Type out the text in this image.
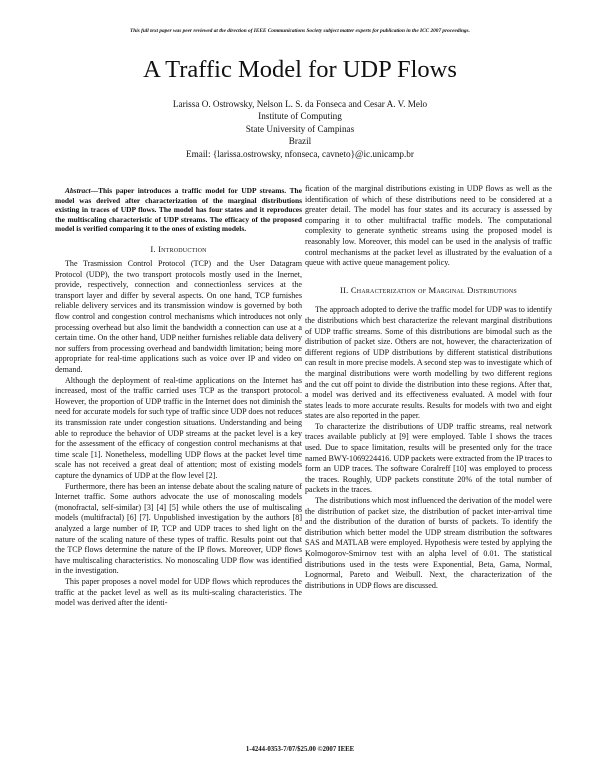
This full text paper was peer reviewed at the direction of IEEE Communications Society subject matter experts for publication in the ICC 2007 proceedings.
A Traffic Model for UDP Flows
Larissa O. Ostrowsky, Nelson L. S. da Fonseca and Cesar A. V. Melo
Institute of Computing
State University of Campinas
Brazil
Email: {larissa.ostrowsky, nfonseca, cavneto}@ic.unicamp.br

Abstract—This paper introduces a traffic model for UDP streams. The model was derived after characterization of the marginal distributions existing in traces of UDP flows. The model has four states and it reproduces the multiscaling characteristic of UDP streams. The efficacy of the proposed model is verified comparing it to the ones of existing models.

I. Introduction

The Trasmission Control Protocol (TCP) and the User Datagram Protocol (UDP), the two transport protocols mostly used in the Inernet, provide, respectively, connection and connectionless services at the transport layer and differ by several aspects. On one hand, TCP furnishes reliable delivery services and its transmission window is governed by both flow control and congestion control mechanisms which introduces not only processing overhead but also limit the bandwidth a connection can use at a certain time. On the other hand, UDP neither furnishes reliable data delivery nor suffers from processing overhead and bandwidth limitation; being more appropriate for real-time applications such as voice over IP and video on demand.

Although the deployment of real-time applications on the Internet has increased, most of the traffic carried uses TCP as the transport protocol. However, the proportion of UDP traffic in the Internet does not diminish the need for accurate models for such type of traffic since UDP does not reduces its transmission rate under congestion situations. Understanding and being able to reproduce the behavior of UDP streams at the packet level is a key for the assessment of the efficacy of congestion control mechanisms at that time scale [1]. Nonetheless, modelling UDP flows at the packet level time scale has not received a great deal of attention; most of existing models capture the dynamics of UDP at the flow level [2].

Furthermore, there has been an intense debate about the scaling nature of Internet traffic. Some authors advocate the use of monoscaling models (monofractal, self-similar) [3] [4] [5] while others the use of multiscaling models (multifractal) [6] [7]. Unpublished investigation by the authors [8] analyzed a large number of IP, TCP and UDP traces to shed light on the nature of the scaling nature of these types of traffic. Results point out that the TCP flows determine the nature of the IP flows. Moreover, UDP flows have multiscaling characteristics. No monoscaling UDP flow was identified in the investigation.

This paper proposes a novel model for UDP flows which reproduces the traffic at the packet level as well as its multi-scaling characteristics. The model was derived after the identi-

fication of the marginal distributions existing in UDP flows as well as the identification of which of these distributions need to be considered at a greater detail. The model has four states and its accuracy is assessed by comparing it to other multifractal traffic models. The computational complexity to generate synthetic streams using the proposed model is reasonably low. Moreover, this model can be used in the analysis of traffic control mechanisms at the packet level as illustrated by the evaluation of a queue with active queue management policy.

II. Characterization of Marginal Distributions

The approach adopted to derive the traffic model for UDP was to identify the distributions which best characterize the relevant marginal distributions of UDP traffic streams. Some of this distributions are bimodal such as the distribution of packet size. Others are not, however, the characterization of different regions of UDP distributions by different statistical distributions can result in more precise models. A second step was to investigate which of the marginal distributions were worth modelling by two different regions and the cut off point to divide the distribution into these regions. After that, a model was derived and its effectiveness evaluated. A model with four states leads to more accurate results. Results for models with two and eight states are also reported in the paper.

To characterize the distributions of UDP traffic streams, real network traces available publicly at [9] were employed. Table I shows the traces used. Due to space limitation, results will be presented only for the trace named BWY-1069224416. UDP packets were extracted from the IP traces to form an UDP traces. The software Coralreff [10] was employed to process the traces. Roughly, UDP packets constitute 20% of the total number of packets in the traces.

The distributions which most influenced the derivation of the model were the distribution of packet size, the distribution of packet inter-arrival time and the distribution of the duration of bursts of packets. To identify the distribution which better model the UDP stream distribution the softwares SAS and MATLAB were employed. Hypothesis were tested by applying the Kolmogorov-Smirnov test with an alpha level of 0.01. The statistical distributions used in the tests were Exponential, Beta, Gama, Normal, Lognormal, Pareto and Weibull. Next, the characterization of the distributions in UDP flows are discussed.

1-4244-0353-7/07/$25.00 ©2007 IEEE
